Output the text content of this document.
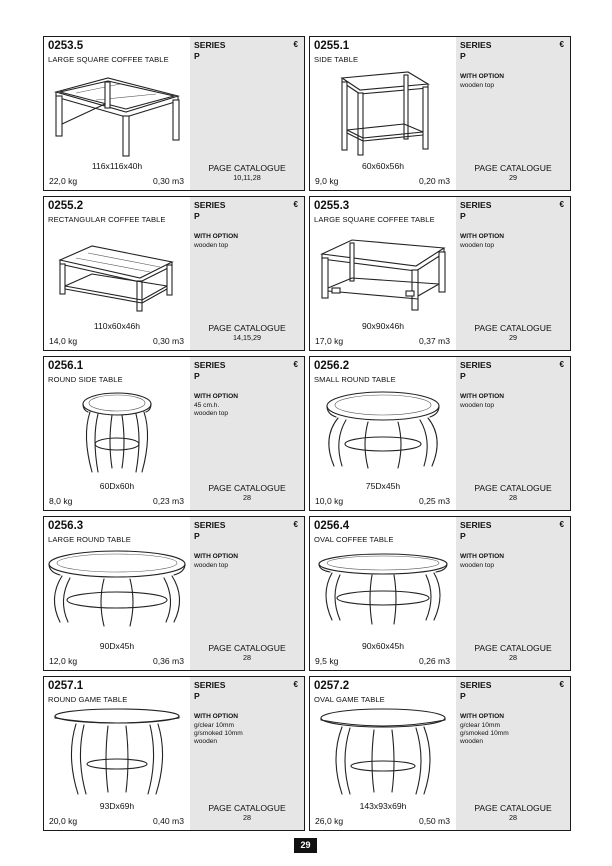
0253.5
LARGE SQUARE COFFEE TABLE
116x116x40h
22,0 kg	0,30 m3
SERIES
P
€
PAGE CATALOGUE
10,11,28
0255.1
SIDE TABLE
60x60x56h
9,0 kg	0,20 m3
SERIES
P
€
WITH OPTION
wooden top
PAGE CATALOGUE
29
0255.2
RECTANGULAR COFFEE TABLE
110x60x46h
14,0 kg	0,30 m3
SERIES
P
€
WITH OPTION
wooden top
PAGE CATALOGUE
14,15,29
0255.3
LARGE SQUARE COFFEE TABLE
90x90x46h
17,0 kg	0,37 m3
SERIES
P
€
WITH OPTION
wooden top
PAGE CATALOGUE
29
0256.1
ROUND SIDE TABLE
60Dx60h
8,0 kg	0,23 m3
SERIES
P
€
WITH OPTION
45 cm.h.
wooden top
PAGE CATALOGUE
28
0256.2
SMALL ROUND TABLE
75Dx45h
10,0 kg	0,25 m3
SERIES
P
€
WITH OPTION
wooden top
PAGE CATALOGUE
28
0256.3
LARGE ROUND TABLE
90Dx45h
12,0 kg	0,36 m3
SERIES
P
€
WITH OPTION
wooden top
PAGE CATALOGUE
28
0256.4
OVAL COFFEE TABLE
90x60x45h
9,5 kg	0,26 m3
SERIES
P
€
WITH OPTION
wooden top
PAGE CATALOGUE
28
0257.1
ROUND GAME TABLE
93Dx69h
20,0 kg	0,40 m3
SERIES
P
€
WITH OPTION
g/clear 10mm
g/smoked 10mm
wooden
PAGE CATALOGUE
28
0257.2
OVAL GAME TABLE
143x93x69h
26,0 kg	0,50 m3
SERIES
P
€
WITH OPTION
g/clear 10mm
g/smoked 10mm
wooden
PAGE CATALOGUE
28
29
